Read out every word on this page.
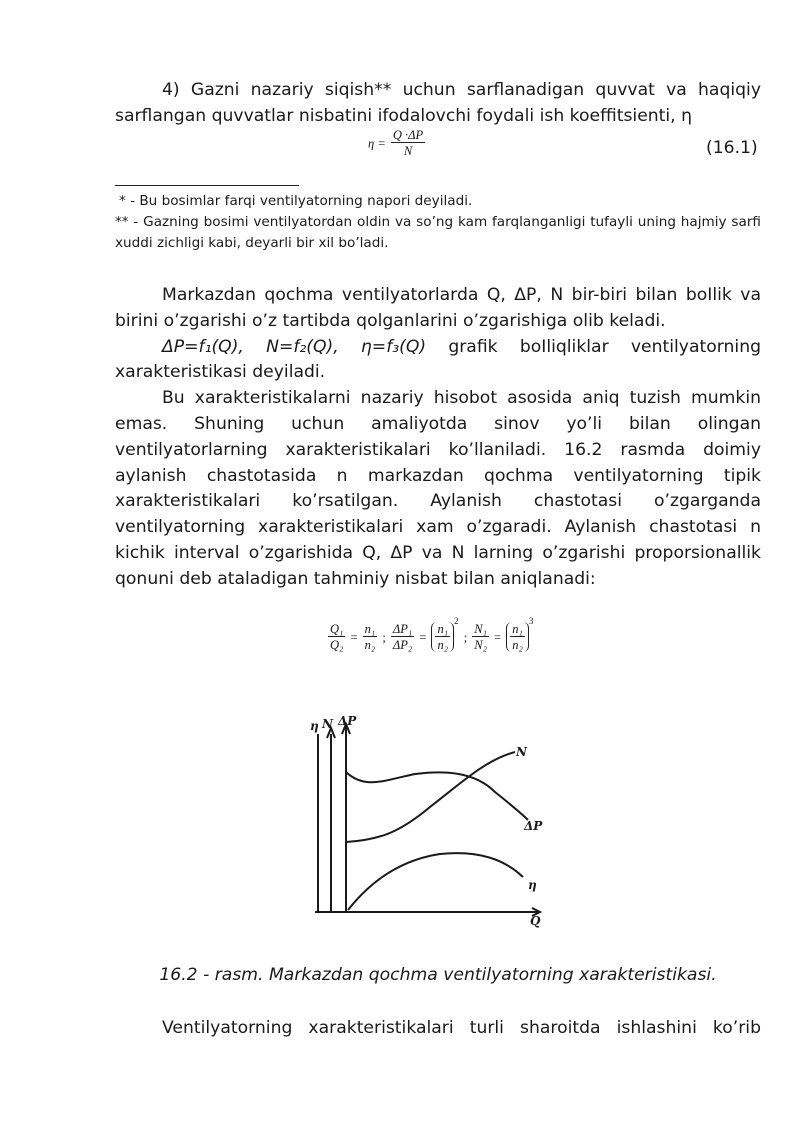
4) Gazni nazariy siqish** uchun sarflanadigan quvvat va haqiqiy

sarflangan quvvatlar nisbatini ifodalovchi foydali ish koeffitsienti, η

$\eta = \frac{Q \cdot\Delta P}{N}$	(16.1)

* - Bu bosimlar farqi ventilyatorning napori deyiladi.

** - Gazning bosimi ventilyatordan oldin va so’ng kam farqlanganligi tufayli uning hajmiy sarfi xuddi zichligi kabi, deyarli bir xil bo’ladi.

Markazdan qochma ventilyatorlarda Q, ΔP, N bir-biri bilan boIlik va birini o’zgarishi o’z tartibda qolganlarini o’zgarishiga olib keladi.

ΔP=f₁(Q), N=f₂(Q), η=f₃(Q) grafik boIliqliklar ventilyatorning xarakteristikasi deyiladi.

Bu xarakteristikalarni nazariy hisobot asosida aniq tuzish mumkin emas. Shuning uchun amaliyotda sinov yo’li bilan olingan ventilyatorlarning xarakteristikalari ko’llaniladi. 16.2 rasmda doimiy aylanish chastotasida n markazdan qochma ventilyatorning tipik xarakteristikalari ko’rsatilgan. Aylanish chastotasi o’zgarganda ventilyatorning xarakteristikalari xam o’zgaradi. Aylanish chastotasi n kichik interval o’zgarishida Q, ΔP va N larning o’zgarishi proporsionallik qonuni deb ataladigan tahminiy nisbat bilan aniqlanadi:

$\frac{\text{Q₁}}{\text{Q₂}} = \frac{\text{n₁}}{\text{n₂}}$ ; $\frac{\text{ΔP₁}}{\text{ΔP₂}} = \frac{\text{n₁}}{\text{n₂}}$
$^2$ ; $\frac{\text{N₁}}{\text{N₂}} = \frac{\text{n₁}}{\text{n₂}}$
$^3$
η N ΔP
Q
N
ΔP
η
16.2 - rasm. Markazdan qochma ventilyatorning xarakteristikasi.

Ventilyatorning xarakteristikalari turli sharoitda ishlashini ko’rib
